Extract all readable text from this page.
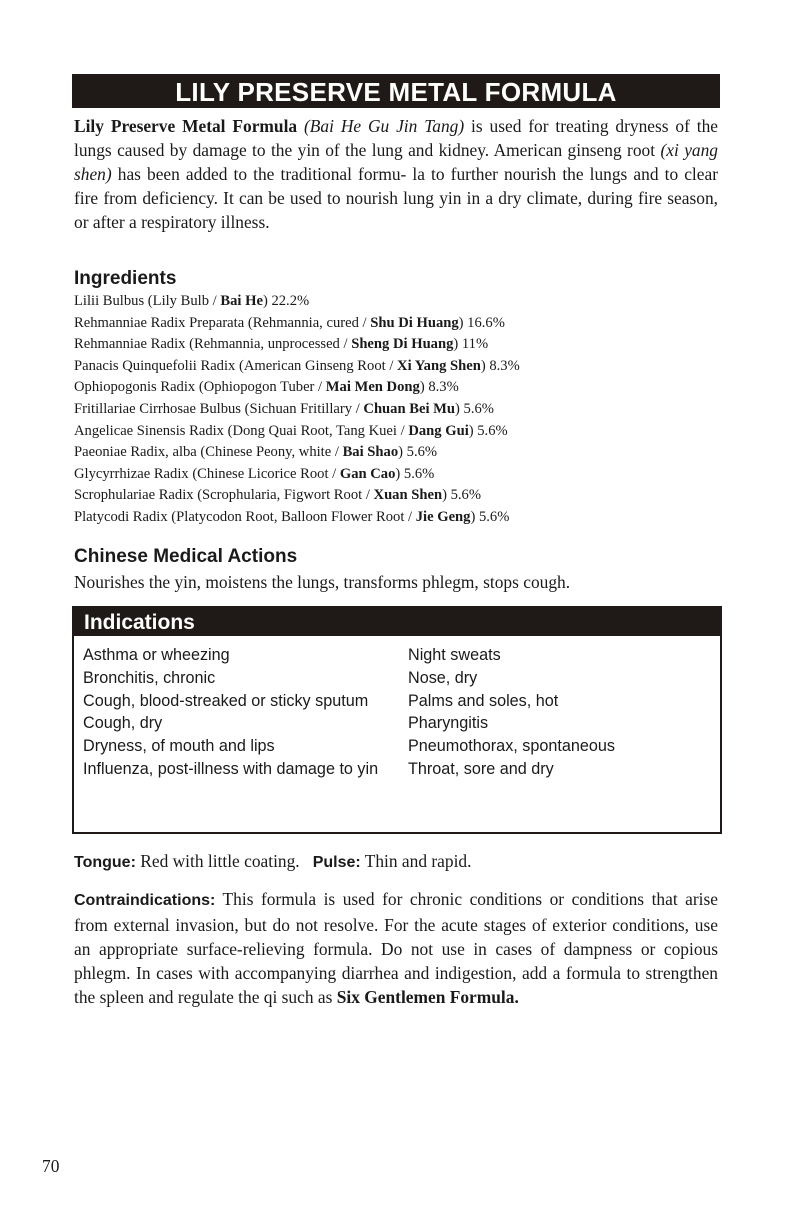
LILY PRESERVE METAL FORMULA

Lily Preserve Metal Formula (Bai He Gu Jin Tang) is used for treating dryness of the lungs caused by damage to the yin of the lung and kidney. American ginseng root (xi yang shen) has been added to the traditional formu- la to further nourish the lungs and to clear fire from deficiency. It can be used to nourish lung yin in a dry climate, during fire season, or after a respiratory illness.

Ingredients
Lilii Bulbus (Lily Bulb / Bai He) 22.2%
Rehmanniae Radix Preparata (Rehmannia, cured / Shu Di Huang) 16.6%
Rehmanniae Radix (Rehmannia, unprocessed / Sheng Di Huang) 11%
Panacis Quinquefolii Radix (American Ginseng Root / Xi Yang Shen) 8.3%
Ophiopogonis Radix (Ophiopogon Tuber / Mai Men Dong) 8.3%
Fritillariae Cirrhosae Bulbus (Sichuan Fritillary / Chuan Bei Mu) 5.6%
Angelicae Sinensis Radix (Dong Quai Root, Tang Kuei / Dang Gui) 5.6%
Paeoniae Radix, alba (Chinese Peony, white / Bai Shao) 5.6%
Glycyrrhizae Radix (Chinese Licorice Root / Gan Cao) 5.6%
Scrophulariae Radix (Scrophularia, Figwort Root / Xuan Shen) 5.6%
Platycodi Radix (Platycodon Root, Balloon Flower Root / Jie Geng) 5.6%
Chinese Medical Actions

Nourishes the yin, moistens the lungs, transforms phlegm, stops cough.

Indications
Asthma or wheezing
Bronchitis, chronic
Cough, blood-streaked or sticky sputum
Cough, dry
Dryness, of mouth and lips
Influenza, post-illness with damage to yin
Night sweats
Nose, dry
Palms and soles, hot
Pharyngitis
Pneumothorax, spontaneous
Throat, sore and dry

Tongue: Red with little coating. Pulse: Thin and rapid.

Contraindications: This formula is used for chronic conditions or conditions that arise from external invasion, but do not resolve. For the acute stages of exterior conditions, use an appropriate surface-relieving formula. Do not use in cases of dampness or copious phlegm. In cases with accompanying diarrhea and indigestion, add a formula to strengthen the spleen and regulate the qi such as Six Gentlemen Formula.

70
